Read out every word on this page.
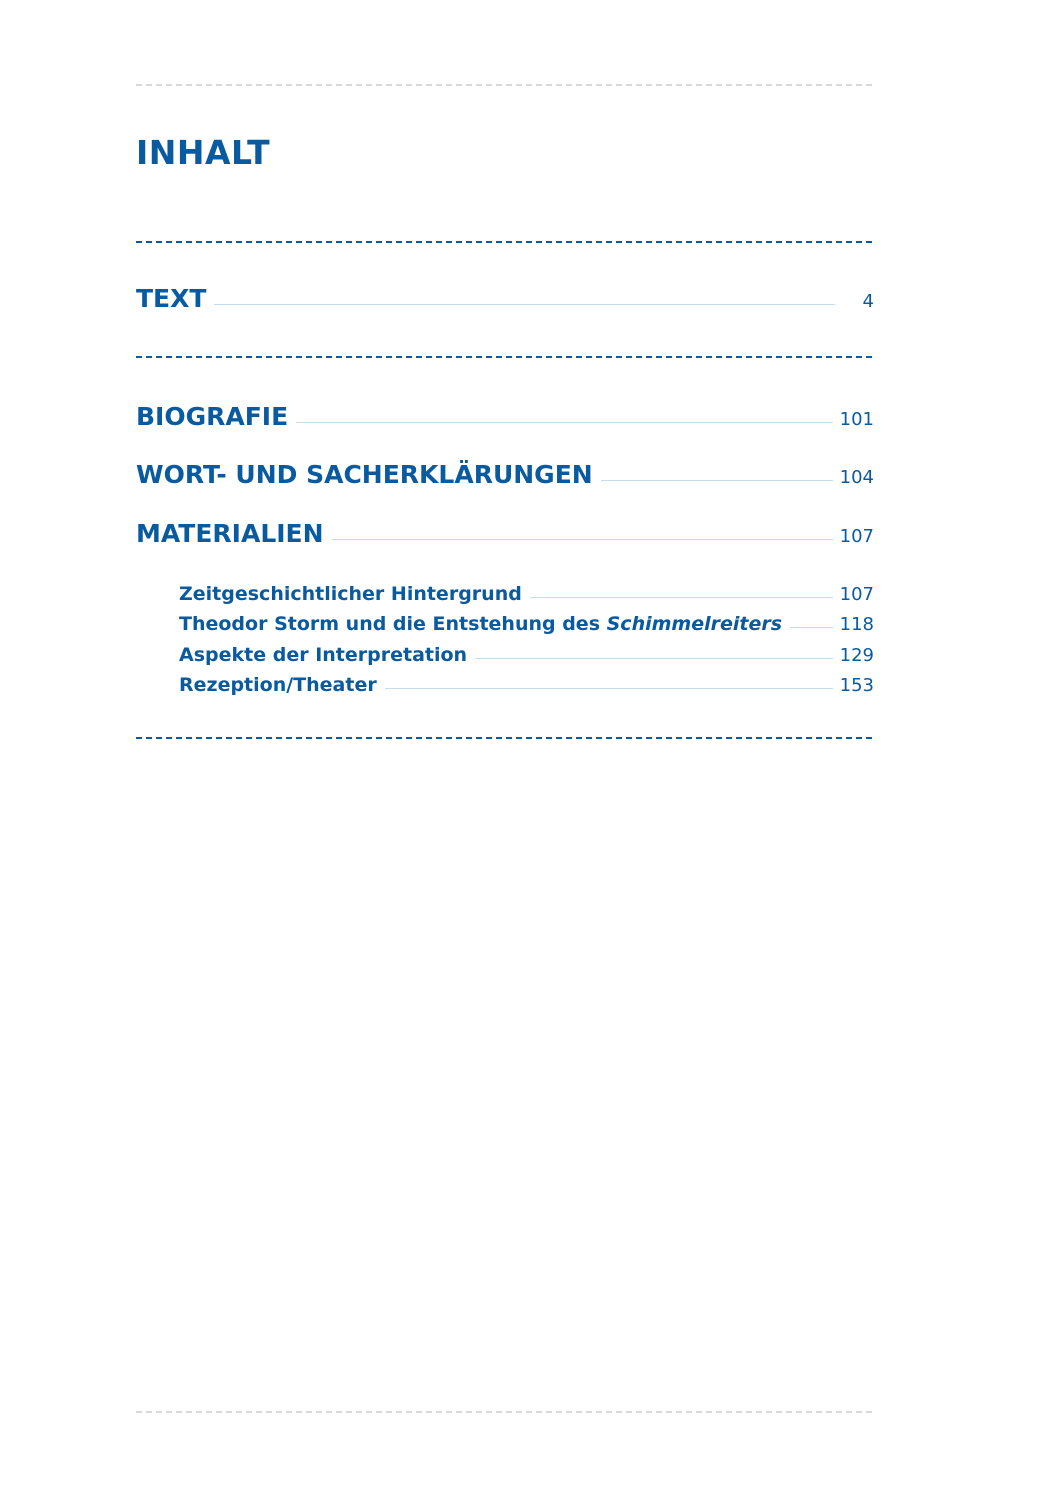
INHALT
TEXT	4
BIOGRAFIE	101
WORT- UND SACHERKLÄRUNGEN	104
MATERIALIEN	107
Zeitgeschichtlicher Hintergrund	107
Theodor Storm und die Entstehung des Schimmelreiters	118
Aspekte der Interpretation	129
Rezeption/Theater	153
